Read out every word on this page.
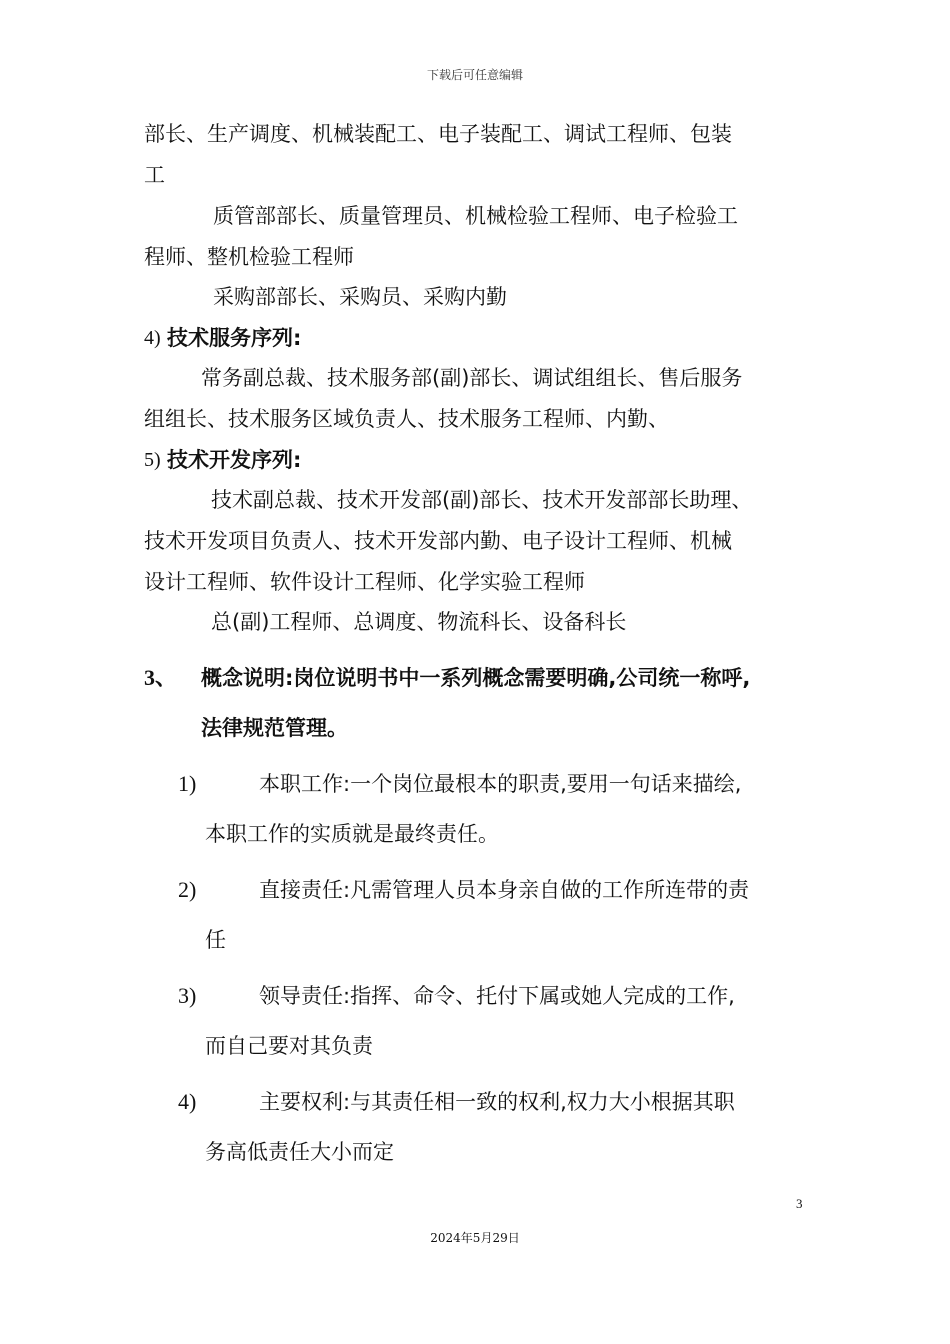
下载后可任意编辑
部长、生产调度、机械装配工、电子装配工、调试工程师、包装
工
质管部部长、质量管理员、机械检验工程师、电子检验工
程师、整机检验工程师
采购部部长、采购员、采购内勤
4) 技术服务序列:
常务副总裁、技术服务部(副)部长、调试组组长、售后服务
组组长、技术服务区域负责人、技术服务工程师、内勤、
5) 技术开发序列:
技术副总裁、技术开发部(副)部长、技术开发部部长助理、
技术开发项目负责人、技术开发部内勤、电子设计工程师、机械
设计工程师、软件设计工程师、化学实验工程师
总(副)工程师、总调度、物流科长、设备科长
3、 概念说明:岗位说明书中一系列概念需要明确,公司统一称呼,
法律规范管理。
1)	本职工作:一个岗位最根本的职责,要用一句话来描绘,
本职工作的实质就是最终责任。
2)	直接责任:凡需管理人员本身亲自做的工作所连带的责
任
3)	领导责任:指挥、命令、托付下属或她人完成的工作,
而自己要对其负责
4)	主要权利:与其责任相一致的权利,权力大小根据其职
务高低责任大小而定
3
2024年5月29日
